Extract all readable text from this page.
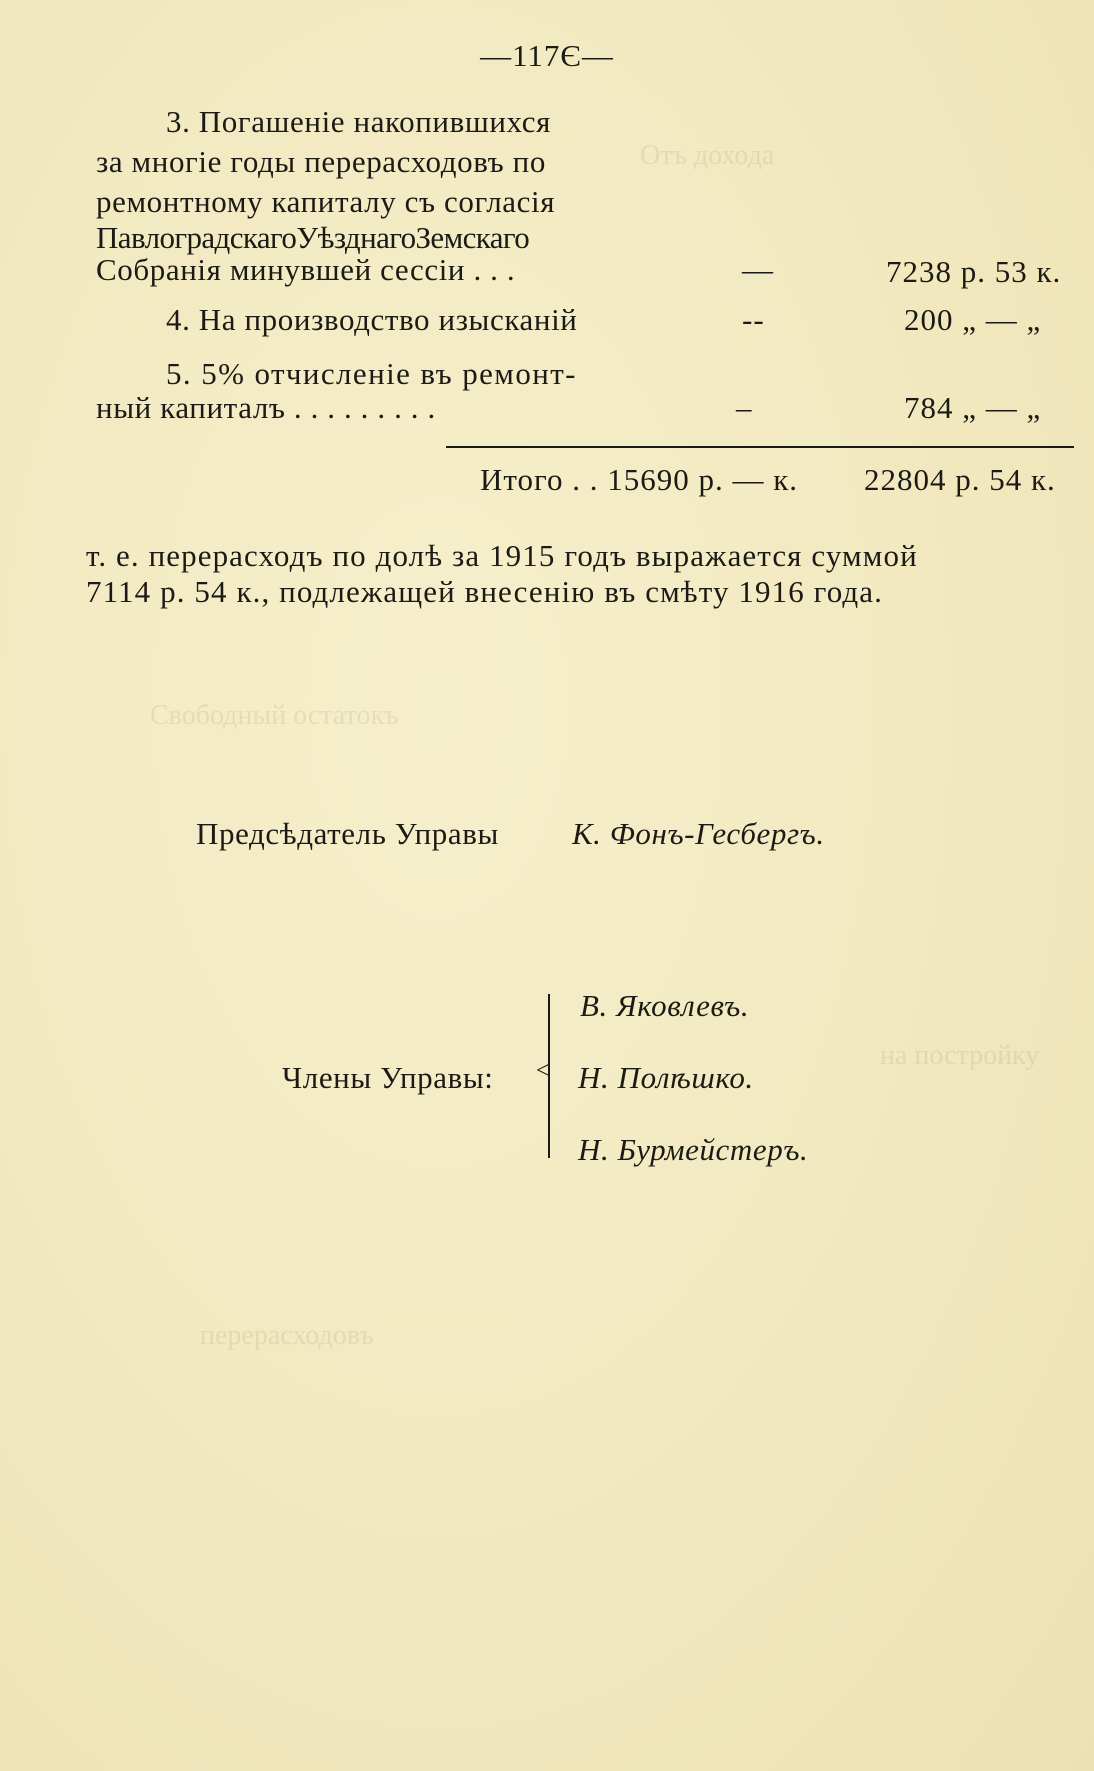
Отъ дохода
Свободный остатокъ
на постройку
перерасходовъ
—117Є—
3. Погашеніе накопившихся
за многіе годы перерасходовъ по
ремонтному капиталу съ согласія
ПавлоградскагоУѣзднагоЗемскаго
Собранія минувшей сессіи . . .	—	7238 р. 53 к.
4. На производство изысканій	--	200 „ — „
5. 5% отчисленіе въ ремонт-
ный капиталъ . . . . . . . . .	–	784 „ — „
Итого . . 15690 р. — к. 22804 р. 54 к.
т. е. перерасходъ по долѣ за 1915 годъ выражается суммой
7114 р. 54 к., подлежащей внесенію въ смѣту 1916 года.
Предсѣдатель Управы К. Фонъ-Гесбергъ.
Члены Управы: <
В. Яковлевъ.
Н. Полѣшко.
Н. Бурмейстеръ.
